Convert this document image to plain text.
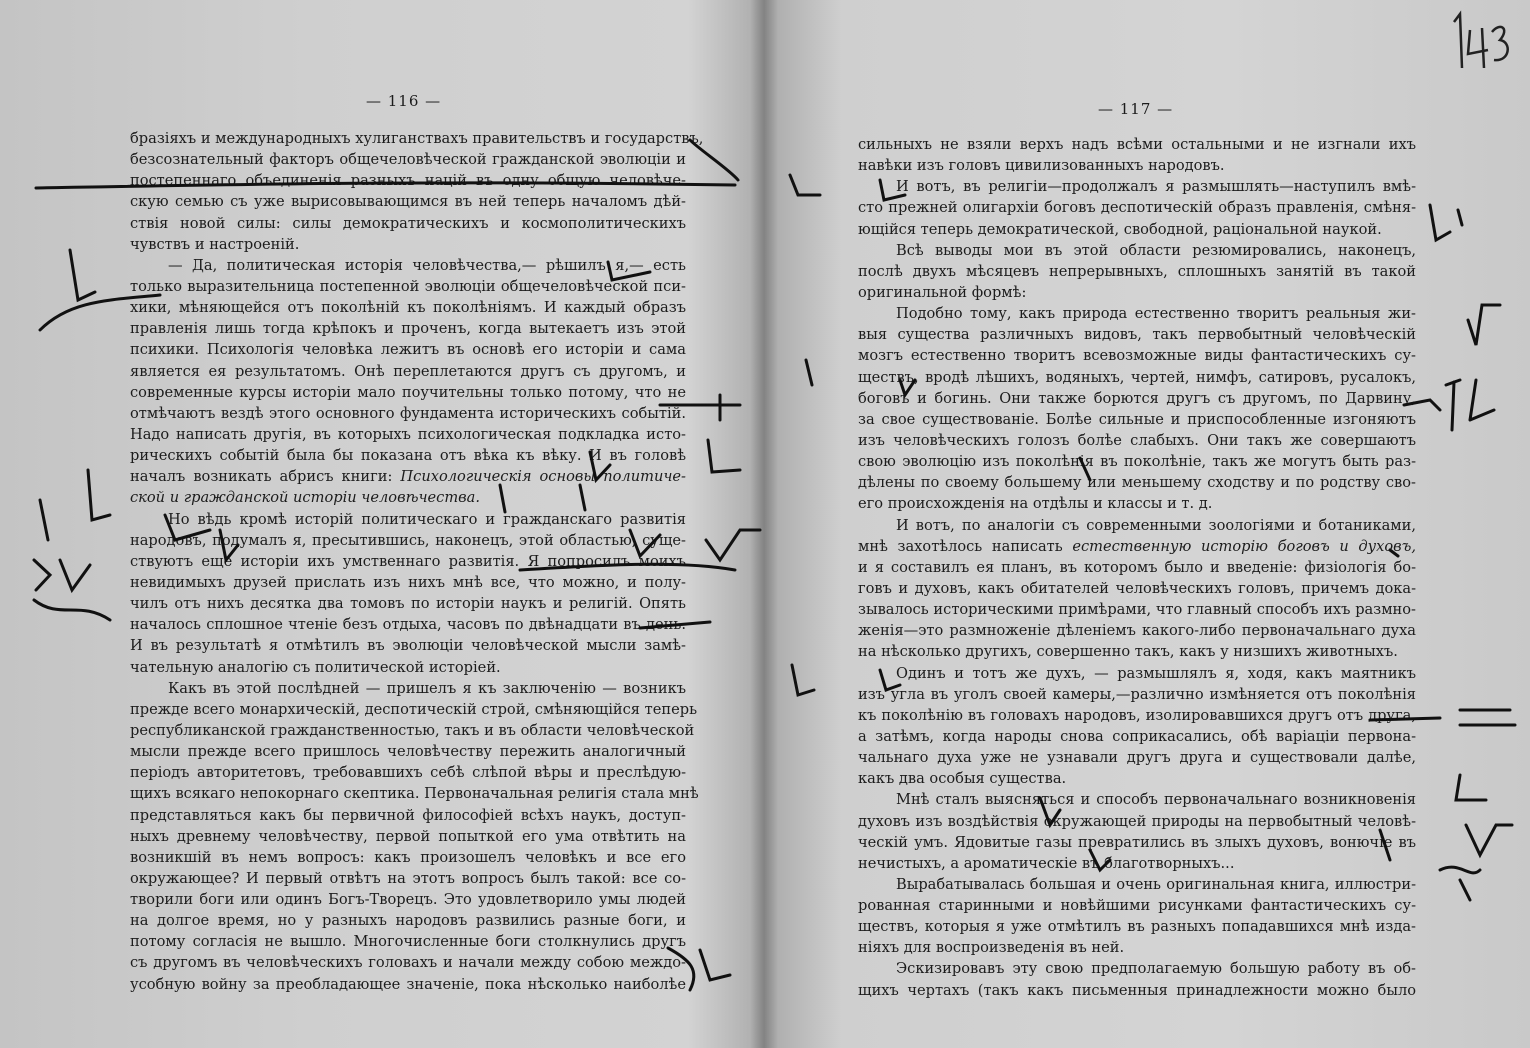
— 116 —	— 117 —
бразіяхъ и международныхъ хулиганствахъ правительствъ и государствъ,
безсознательный факторъ общечеловѣческой гражданской эволюціи и
постепеннаго объединенія разныхъ націй въ одну общую человѣче-
скую семью съ уже вырисовывающимся въ ней теперь началомъ дѣй-
ствія новой силы: силы демократическихъ и космополитическихъ
чувствъ и настроеній.
— Да, политическая исторія человѣчества,— рѣшилъ я,— есть
только выразительница постепенной эволюціи общечеловѣческой пси-
хики, мѣняющейся отъ поколѣній къ поколѣніямъ. И каждый образъ
правленія лишь тогда крѣпокъ и проченъ, когда вытекаетъ изъ этой
психики. Психологія человѣка лежитъ въ основѣ его исторіи и сама
является ея результатомъ. Онѣ переплетаются другъ съ другомъ, и
современные курсы исторіи мало поучительны только потому, что не
отмѣчаютъ вездѣ этого основного фундамента историческихъ событій.
Надо написать другія, въ которыхъ психологическая подкладка исто-
рическихъ событій была бы показана отъ вѣка къ вѣку. И въ головѣ
началъ возникать абрисъ книги: Психологическія основы политиче-
ской и гражданской исторіи человѣчества.
Но вѣдь кромѣ исторій политическаго и гражданскаго развитія
народовъ, подумалъ я, пресытившись, наконецъ, этой областью, суще-
ствуютъ еще исторіи ихъ умственнаго развитія. Я попросилъ моихъ
невидимыхъ друзей прислать изъ нихъ мнѣ все, что можно, и полу-
чилъ отъ нихъ десятка два томовъ по исторіи наукъ и религій. Опять
началось сплошное чтеніе безъ отдыха, часовъ по двѣнадцати въ день.
И въ результатѣ я отмѣтилъ въ эволюціи человѣческой мысли замѣ-
чательную аналогію съ политической исторіей.
Какъ въ этой послѣдней — пришелъ я къ заключенію — возникъ
прежде всего монархическій, деспотическій строй, смѣняющійся теперь
республиканской гражданственностью, такъ и въ области человѣческой
мысли прежде всего пришлось человѣчеству пережить аналогичный
періодъ авторитетовъ, требовавшихъ себѣ слѣпой вѣры и преслѣдую-
щихъ всякаго непокорнаго скептика. Первоначальная религія стала мнѣ
представляться какъ бы первичной философіей всѣхъ наукъ, доступ-
ныхъ древнему человѣчеству, первой попыткой его ума отвѣтить на
возникшій въ немъ вопросъ: какъ произошелъ человѣкъ и все его
окружающее? И первый отвѣтъ на этотъ вопросъ былъ такой: все со-
творили боги или одинъ Богъ-Творецъ. Это удовлетворило умы людей
на долгое время, но у разныхъ народовъ развились разные боги, и
потому согласія не вышло. Многочисленные боги столкнулись другъ
съ другомъ въ человѣческихъ головахъ и начали между собою междо-
усобную войну за преобладающее значеніе, пока нѣсколько наиболѣе
сильныхъ не взяли верхъ надъ всѣми остальными и не изгнали ихъ
навѣки изъ головъ цивилизованныхъ народовъ.
И вотъ, въ религіи—продолжалъ я размышлять—наступилъ вмѣ-
сто прежней олигархіи боговъ деспотическій образъ правленія, смѣня-
ющійся теперь демократической, свободной, раціональной наукой.
Всѣ выводы мои въ этой области резюмировались, наконецъ,
послѣ двухъ мѣсяцевъ непрерывныхъ, сплошныхъ занятій въ такой
оригинальной формѣ:
Подобно тому, какъ природа естественно творитъ реальныя жи-
выя существа различныхъ видовъ, такъ первобытный человѣческій
мозгъ естественно творитъ всевозможные виды фантастическихъ су-
ществъ, вродѣ лѣшихъ, водяныхъ, чертей, нимфъ, сатировъ, русалокъ,
боговъ и богинь. Они также борются другъ съ другомъ, по Дарвину,
за свое существованіе. Болѣе сильные и приспособленные изгоняютъ
изъ человѣческихъ голозъ болѣе слабыхъ. Они такъ же совершаютъ
свою эволюцію изъ поколѣнія въ поколѣніе, такъ же могутъ быть раз-
дѣлены по своему большему или меньшему сходству и по родству сво-
его происхожденія на отдѣлы и классы и т. д.
И вотъ, по аналогіи съ современными зоологіями и ботаниками,
мнѣ захотѣлось написать естественную исторію боговъ и духовъ,
и я составилъ ея планъ, въ которомъ было и введеніе: физіологія бо-
говъ и духовъ, какъ обитателей человѣческихъ головъ, причемъ дока-
зывалось историческими примѣрами, что главный способъ ихъ размно-
женія—это размноженіе дѣленіемъ какого-либо первоначальнаго духа
на нѣсколько другихъ, совершенно такъ, какъ у низшихъ животныхъ.
Одинъ и тотъ же духъ, — размышлялъ я, ходя, какъ маятникъ
изъ угла въ уголъ своей камеры,—различно измѣняется отъ поколѣнія
къ поколѣнію въ головахъ народовъ, изолировавшихся другъ отъ друга,
а затѣмъ, когда народы снова соприкасались, обѣ варіаціи первона-
чальнаго духа уже не узнавали другъ друга и существовали далѣе,
какъ два особыя существа.
Мнѣ сталъ выясняться и способъ первоначальнаго возникновенія
духовъ изъ воздѣйствія окружающей природы на первобытный человѣ-
ческій умъ. Ядовитые газы превратились въ злыхъ духовъ, вонючіе въ
нечистыхъ, а ароматическіе въ благотворныхъ...
Вырабатывалась большая и очень оригинальная книга, иллюстри-
рованная старинными и новѣйшими рисунками фантастическихъ су-
ществъ, которыя я уже отмѣтилъ въ разныхъ попадавшихся мнѣ изда-
ніяхъ для воспроизведенія въ ней.
Эскизировавъ эту свою предполагаемую большую работу въ об-
щихъ чертахъ (такъ какъ письменныя принадлежности можно было
